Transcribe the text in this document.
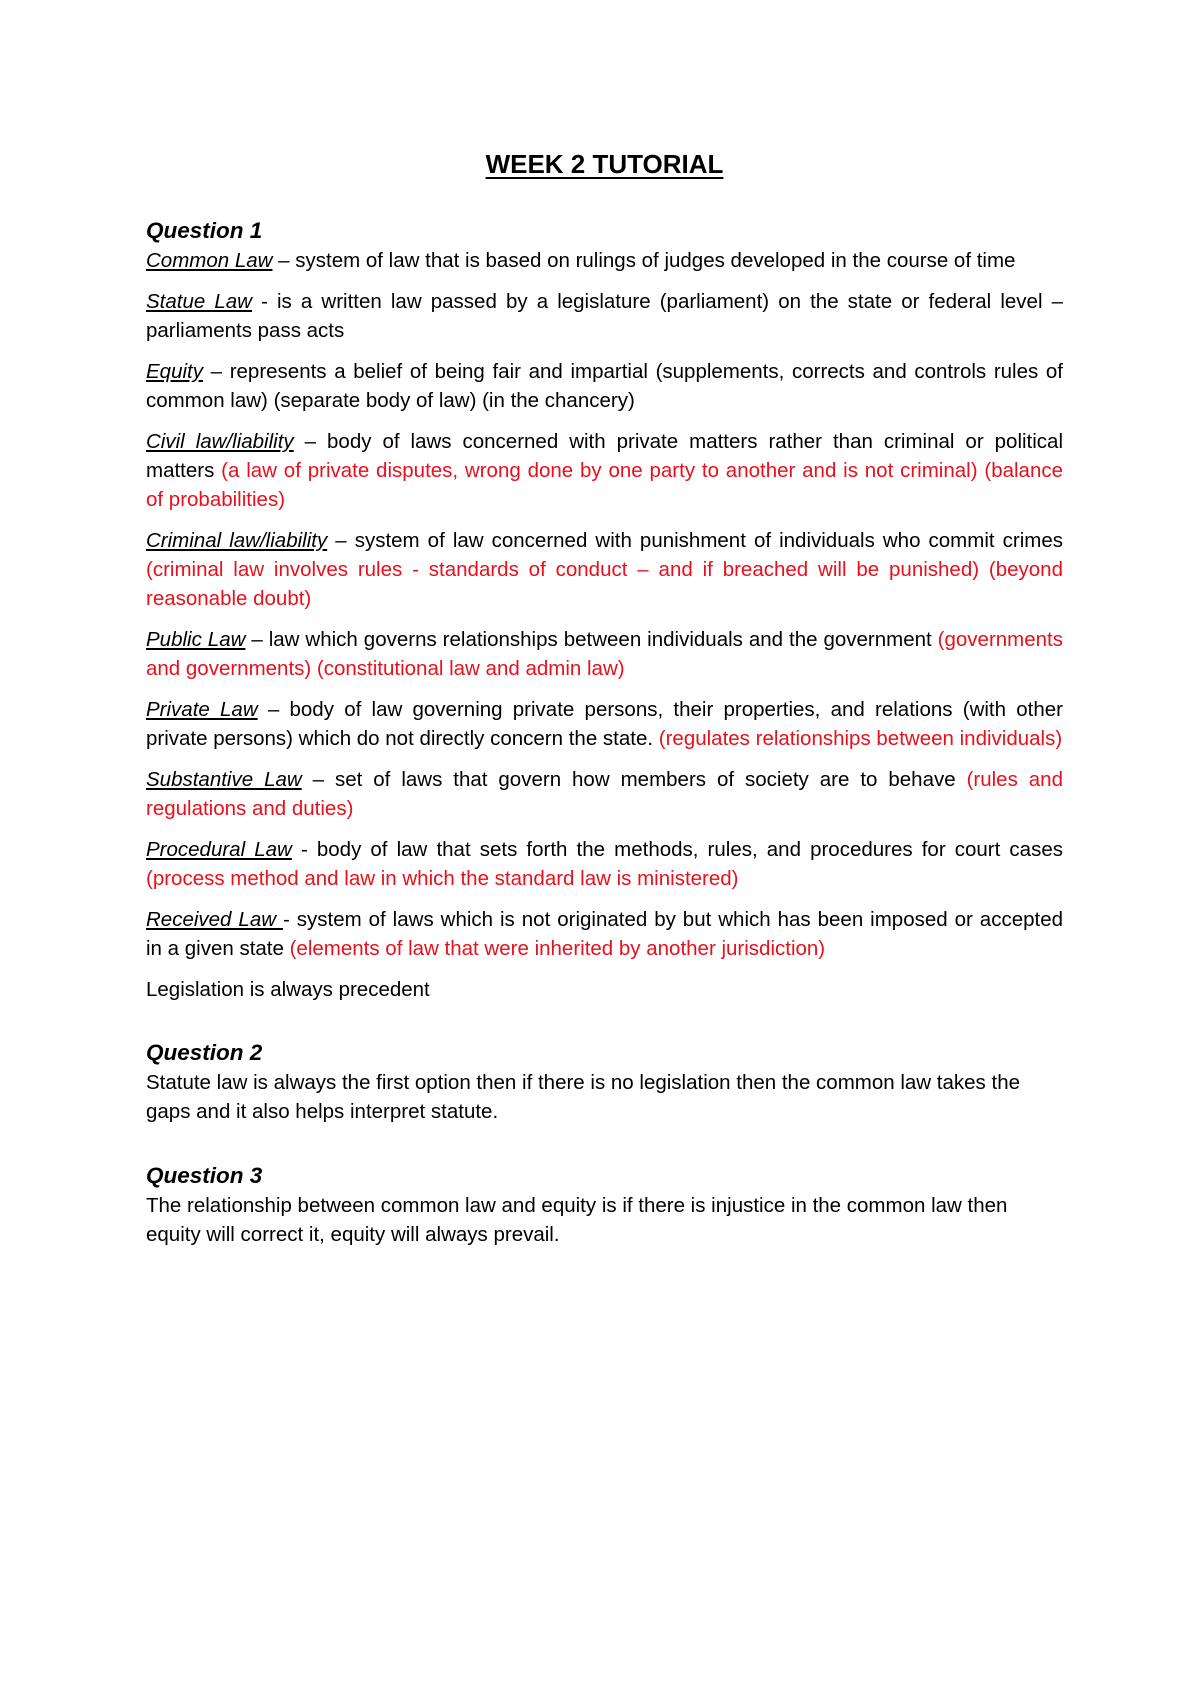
WEEK 2 TUTORIAL
Question 1

Common Law – system of law that is based on rulings of judges developed in the course of time

Statue Law - is a written law passed by a legislature (parliament) on the state or federal level – parliaments pass acts

Equity – represents a belief of being fair and impartial (supplements, corrects and controls rules of common law) (separate body of law) (in the chancery)

Civil law/liability – body of laws concerned with private matters rather than criminal or political matters (a law of private disputes, wrong done by one party to another and is not criminal) (balance of probabilities)

Criminal law/liability – system of law concerned with punishment of individuals who commit crimes (criminal law involves rules - standards of conduct – and if breached will be punished) (beyond reasonable doubt)

Public Law – law which governs relationships between individuals and the government (governments and governments) (constitutional law and admin law)

Private Law – body of law governing private persons, their properties, and relations (with other private persons) which do not directly concern the state. (regulates relationships between individuals)

Substantive Law – set of laws that govern how members of society are to behave (rules and regulations and duties)

Procedural Law - body of law that sets forth the methods, rules, and procedures for court cases (process method and law in which the standard law is ministered)

Received Law - system of laws which is not originated by but which has been imposed or accepted in a given state (elements of law that were inherited by another jurisdiction)

Legislation is always precedent

Question 2

Statute law is always the first option then if there is no legislation then the common law takes the gaps and it also helps interpret statute.

Question 3

The relationship between common law and equity is if there is injustice in the common law then equity will correct it, equity will always prevail.
